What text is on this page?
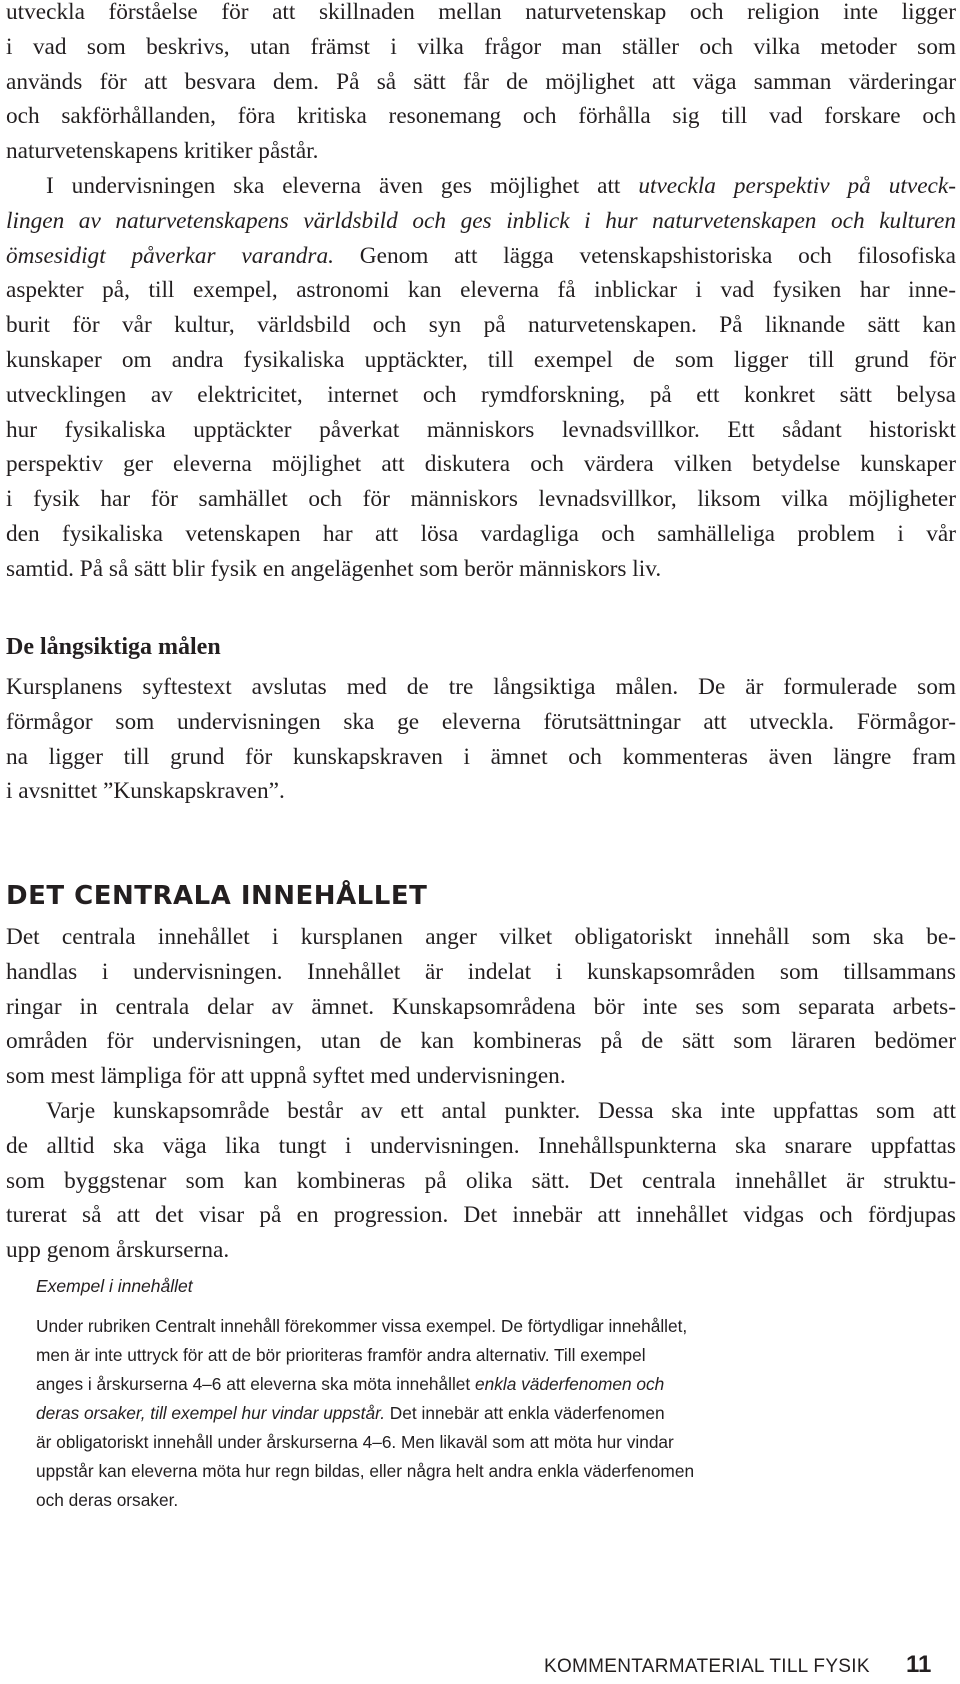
utveckla förståelse för att skillnaden mellan naturvetenskap och religion inte ligger
i vad som beskrivs, utan främst i vilka frågor man ställer och vilka metoder som
används för att besvara dem. På så sätt får de möjlighet att väga samman värderingar
och sakförhållanden, föra kritiska resonemang och förhålla sig till vad forskare och
naturvetenskapens kritiker påstår.
I undervisningen ska eleverna även ges möjlighet att utveckla perspektiv på utveck-
lingen av naturvetenskapens världsbild och ges inblick i hur naturvetenskapen och kulturen
ömsesidigt påverkar varandra. Genom att lägga vetenskapshistoriska och filosofiska
aspekter på, till exempel, astronomi kan eleverna få inblickar i vad fysiken har inne-
burit för vår kultur, världsbild och syn på naturvetenskapen. På liknande sätt kan
kunskaper om andra fysikaliska upptäckter, till exempel de som ligger till grund för
utvecklingen av elektricitet, internet och rymdforskning, på ett konkret sätt belysa
hur fysikaliska upptäckter påverkat människors levnadsvillkor. Ett sådant historiskt
perspektiv ger eleverna möjlighet att diskutera och värdera vilken betydelse kunskaper
i fysik har för samhället och för människors levnadsvillkor, liksom vilka möjligheter
den fysikaliska vetenskapen har att lösa vardagliga och samhälleliga problem i vår
samtid. På så sätt blir fysik en angelägenhet som berör människors liv.
De långsiktiga målen
Kursplanens syftestext avslutas med de tre långsiktiga målen. De är formulerade som
förmågor som undervisningen ska ge eleverna förutsättningar att utveckla. Förmågor-
na ligger till grund för kunskapskraven i ämnet och kommenteras även längre fram
i avsnittet ”Kunskapskraven”.
DET CENTRALA INNEHÅLLET
Det centrala innehållet i kursplanen anger vilket obligatoriskt innehåll som ska be-
handlas i undervisningen. Innehållet är indelat i kunskapsområden som tillsammans
ringar in centrala delar av ämnet. Kunskapsområdena bör inte ses som separata arbets-
områden för undervisningen, utan de kan kombineras på de sätt som läraren bedömer
som mest lämpliga för att uppnå syftet med undervisningen.
Varje kunskapsområde består av ett antal punkter. Dessa ska inte uppfattas som att
de alltid ska väga lika tungt i undervisningen. Innehållspunkterna ska snarare uppfattas
som byggstenar som kan kombineras på olika sätt. Det centrala innehållet är struktu-
turerat så att det visar på en progression. Det innebär att innehållet vidgas och fördjupas
upp genom årskurserna.
Exempel i innehållet
Under rubriken Centralt innehåll förekommer vissa exempel. De förtydligar innehållet,
men är inte uttryck för att de bör prioriteras framför andra alternativ. Till exempel
anges i årskurserna 4–6 att eleverna ska möta innehållet enkla väderfenomen och
deras orsaker, till exempel hur vindar uppstår. Det innebär att enkla väderfenomen
är obligatoriskt innehåll under årskurserna 4–6. Men likaväl som att möta hur vindar
uppstår kan eleverna möta hur regn bildas, eller några helt andra enkla väderfenomen
och deras orsaker.
KOMMENTARMATERIAL TILL FYSIK 11
